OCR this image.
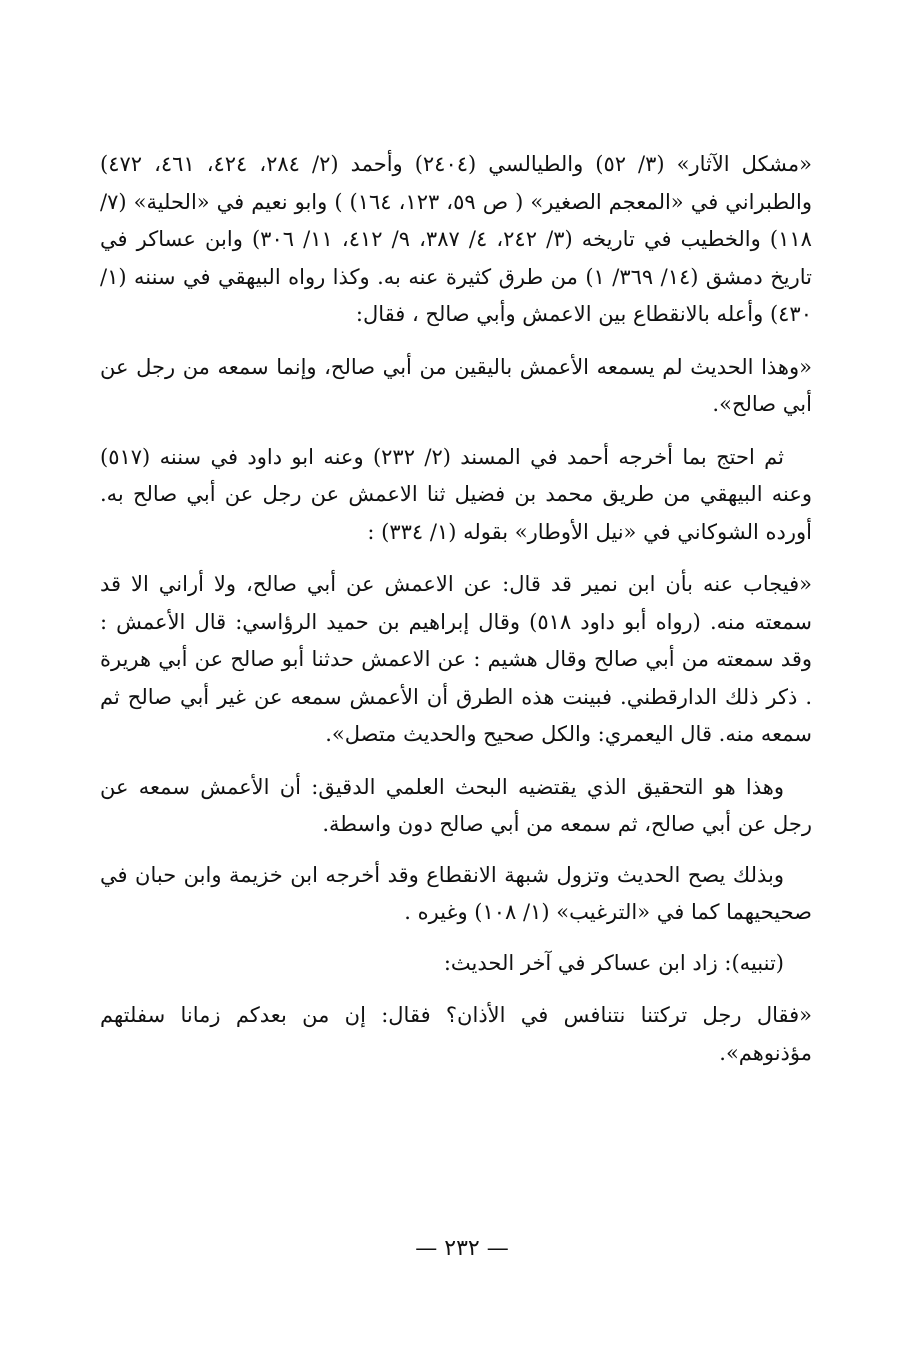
«مشكل الآثار» (٣/ ٥٢) والطيالسي (٢٤٠٤) وأحمد (٢/ ٢٨٤، ٤٢٤، ٤٦١، ٤٧٢) والطبراني في «المعجم الصغير» ( ص ٥٩، ١٢٣، ١٦٤) ) وابو نعيم في «الحلية» (٧/ ١١٨) والخطيب في تاريخه (٣/ ٢٤٢، ٤/ ٣٨٧، ٩/ ٤١٢، ١١/ ٣٠٦) وابن عساكر في تاريخ دمشق (١٤/ ٣٦٩/ ١) من طرق كثيرة عنه به. وكذا رواه البيهقي في سننه (١/ ٤٣٠) وأعله بالانقطاع بين الاعمش وأبي صالح ، فقال:

«وهذا الحديث لم يسمعه الأعمش باليقين من أبي صالح، وإنما سمعه من رجل عن أبي صالح».

ثم احتج بما أخرجه أحمد في المسند (٢/ ٢٣٢) وعنه ابو داود في سننه (٥١٧) وعنه البيهقي من طريق محمد بن فضيل ثنا الاعمش عن رجل عن أبي صالح به. أورده الشوكاني في «نيل الأوطار» بقوله (١/ ٣٣٤) :

«فيجاب عنه بأن ابن نمير قد قال: عن الاعمش عن أبي صالح، ولا أراني الا قد سمعته منه. (رواه أبو داود ٥١٨) وقال إبراهيم بن حميد الرؤاسي: قال الأعمش : وقد سمعته من أبي صالح وقال هشيم : عن الاعمش حدثنا أبو صالح عن أبي هريرة . ذكر ذلك الدارقطني. فبينت هذه الطرق أن الأعمش سمعه عن غير أبي صالح ثم سمعه منه. قال اليعمري: والكل صحيح والحديث متصل».

وهذا هو التحقيق الذي يقتضيه البحث العلمي الدقيق: أن الأعمش سمعه عن رجل عن أبي صالح، ثم سمعه من أبي صالح دون واسطة.

وبذلك يصح الحديث وتزول شبهة الانقطاع وقد أخرجه ابن خزيمة وابن حبان في صحيحيهما كما في «الترغيب» (١/ ١٠٨) وغيره .

(تنبيه): زاد ابن عساكر في آخر الحديث:

«فقال رجل تركتنا نتنافس في الأذان؟ فقال: إن من بعدكم زمانا سفلتهم مؤذنوهم».

— ٢٣٢ —
